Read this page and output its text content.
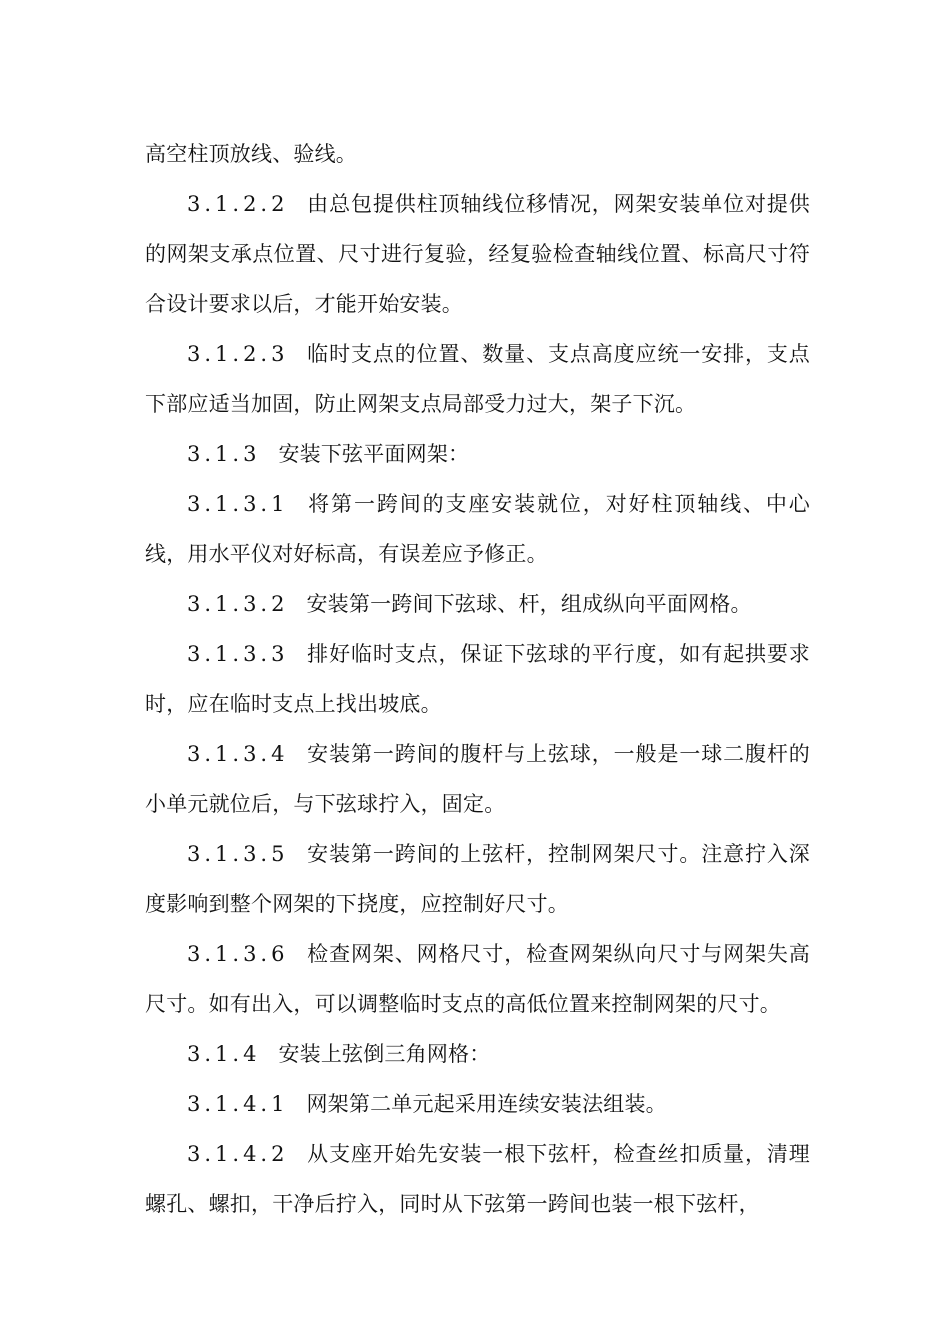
高空柱顶放线、验线。

3.1.2.2 由总包提供柱顶轴线位移情况，网架安装单位对提供的网架支承点位置、尺寸进行复验，经复验检查轴线位置、标高尺寸符合设计要求以后，才能开始安装。

3.1.2.3 临时支点的位置、数量、支点高度应统一安排，支点下部应适当加固，防止网架支点局部受力过大，架子下沉。

3.1.3 安装下弦平面网架：

3.1.3.1 将第一跨间的支座安装就位，对好柱顶轴线、中心线，用水平仪对好标高，有误差应予修正。

3.1.3.2 安装第一跨间下弦球、杆，组成纵向平面网格。

3.1.3.3 排好临时支点，保证下弦球的平行度，如有起拱要求时，应在临时支点上找出坡底。

3.1.3.4 安装第一跨间的腹杆与上弦球，一般是一球二腹杆的小单元就位后，与下弦球拧入，固定。

3.1.3.5 安装第一跨间的上弦杆，控制网架尺寸。注意拧入深度影响到整个网架的下挠度，应控制好尺寸。

3.1.3.6 检查网架、网格尺寸，检查网架纵向尺寸与网架失高尺寸。如有出入，可以调整临时支点的高低位置来控制网架的尺寸。

3.1.4 安装上弦倒三角网格：

3.1.4.1 网架第二单元起采用连续安装法组装。

3.1.4.2 从支座开始先安装一根下弦杆，检查丝扣质量，清理螺孔、螺扣，干净后拧入，同时从下弦第一跨间也装一根下弦杆，
